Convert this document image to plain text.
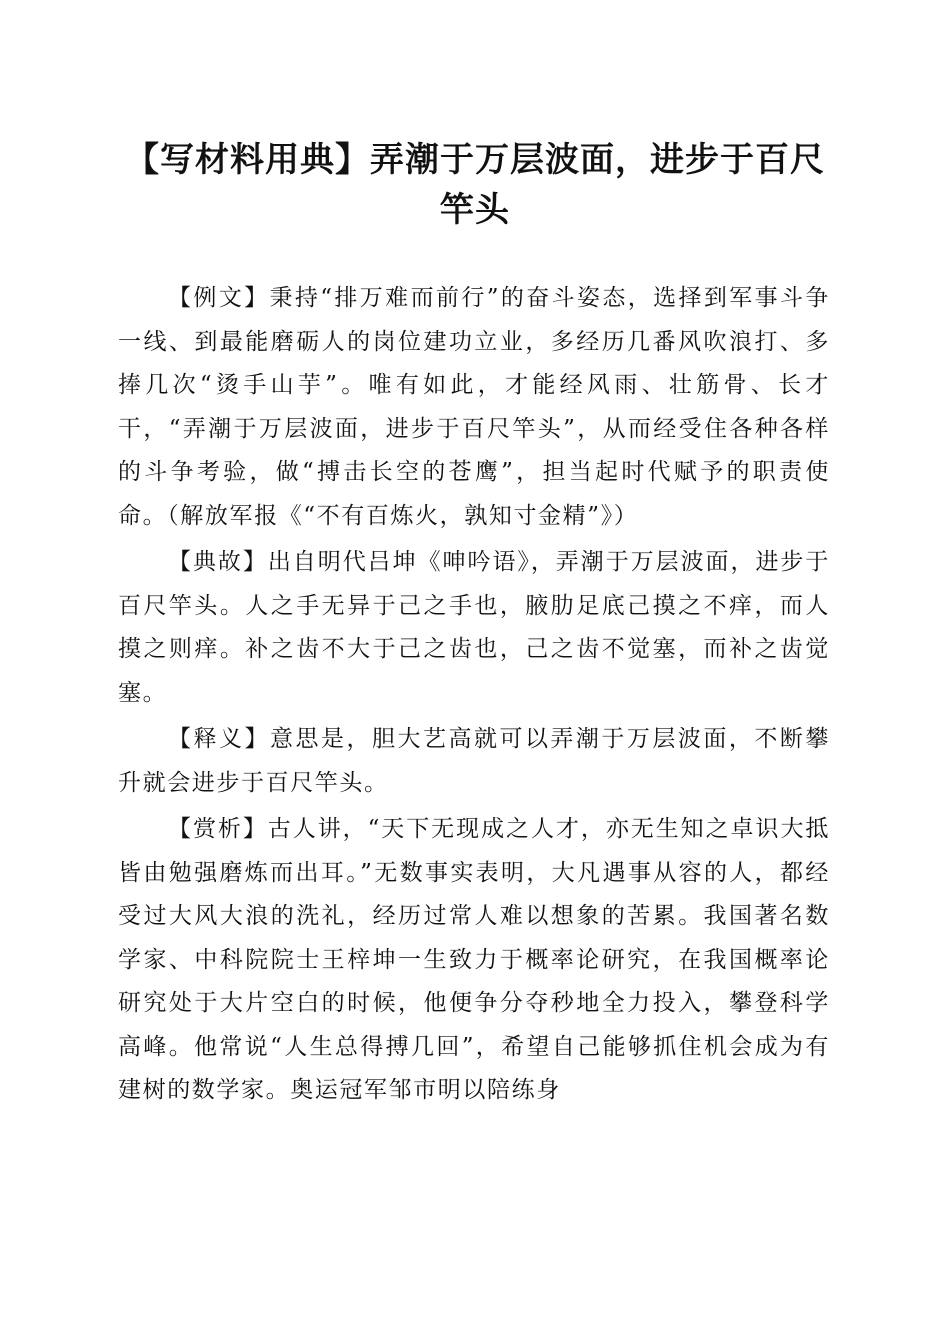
【写材料用典】弄潮于万层波面，进步于百尺竿头

【例文】秉持“排万难而前行”的奋斗姿态，选择到军事斗争一线、到最能磨砺人的岗位建功立业，多经历几番风吹浪打、多捧几次“烫手山芋”。唯有如此，才能经风雨、壮筋骨、长才干，“弄潮于万层波面，进步于百尺竿头”，从而经受住各种各样的斗争考验，做“搏击长空的苍鹰”，担当起时代赋予的职责使命。（解放军报《“不有百炼火，孰知寸金精”》）

【典故】出自明代吕坤《呻吟语》，弄潮于万层波面，进步于百尺竿头。人之手无异于己之手也，腋肋足底己摸之不痒，而人摸之则痒。补之齿不大于己之齿也，己之齿不觉塞，而补之齿觉塞。

【释义】意思是，胆大艺高就可以弄潮于万层波面，不断攀升就会进步于百尺竿头。

【赏析】古人讲，“天下无现成之人才，亦无生知之卓识大抵皆由勉强磨炼而出耳。”无数事实表明，大凡遇事从容的人，都经受过大风大浪的洗礼，经历过常人难以想象的苦累。我国著名数学家、中科院院士王梓坤一生致力于概率论研究，在我国概率论研究处于大片空白的时候，他便争分夺秒地全力投入，攀登科学高峰。他常说“人生总得搏几回”，希望自己能够抓住机会成为有建树的数学家。奥运冠军邹市明以陪练身
